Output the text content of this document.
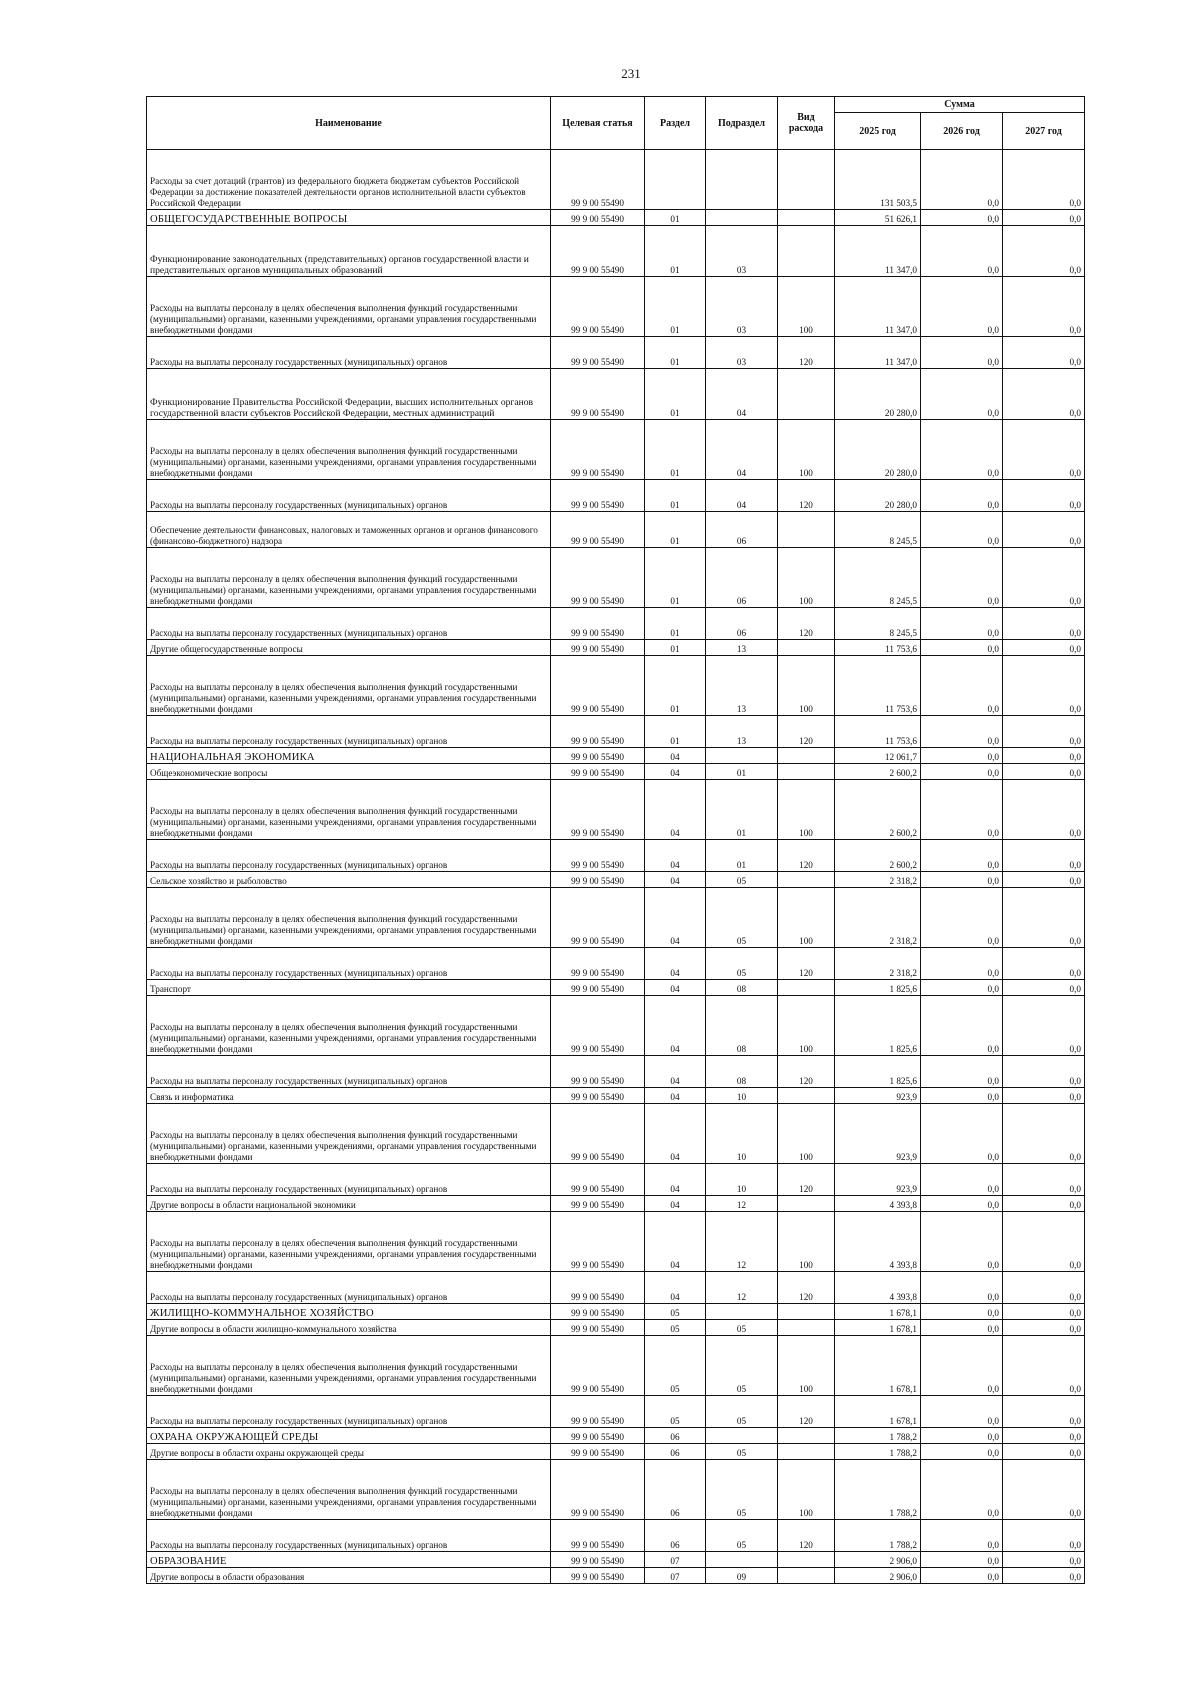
231
Наименование	Целевая статья	Раздел	Подраздел	Вид расхода	Сумма		
					2025 год	2026 год	2027 год
Расходы за счет дотаций (грантов) из федерального бюджета бюджетам субъектов Российской Федерации за достижение показателей деятельности органов исполнительной власти субъектов Российской Федерации	99 9 00 55490				131 503,5	0,0	0,0
ОБЩЕГОСУДАРСТВЕННЫЕ ВОПРОСЫ	99 9 00 55490	01			51 626,1	0,0	0,0
Функционирование законодательных (представительных) органов государственной власти и представительных органов муниципальных образований	99 9 00 55490	01	03		11 347,0	0,0	0,0
Расходы на выплаты персоналу в целях обеспечения выполнения функций государственными (муниципальными) органами, казенными учреждениями, органами управления государственными внебюджетными фондами	99 9 00 55490	01	03	100	11 347,0	0,0	0,0
Расходы на выплаты персоналу государственных (муниципальных) органов	99 9 00 55490	01	03	120	11 347,0	0,0	0,0
Функционирование Правительства Российской Федерации, высших исполнительных органов государственной власти субъектов Российской Федерации, местных администраций	99 9 00 55490	01	04		20 280,0	0,0	0,0
Расходы на выплаты персоналу в целях обеспечения выполнения функций государственными (муниципальными) органами, казенными учреждениями, органами управления государственными внебюджетными фондами	99 9 00 55490	01	04	100	20 280,0	0,0	0,0
Расходы на выплаты персоналу государственных (муниципальных) органов	99 9 00 55490	01	04	120	20 280,0	0,0	0,0
Обеспечение деятельности финансовых, налоговых и таможенных органов и органов финансового (финансово-бюджетного) надзора	99 9 00 55490	01	06		8 245,5	0,0	0,0
Расходы на выплаты персоналу в целях обеспечения выполнения функций государственными (муниципальными) органами, казенными учреждениями, органами управления государственными внебюджетными фондами	99 9 00 55490	01	06	100	8 245,5	0,0	0,0
Расходы на выплаты персоналу государственных (муниципальных) органов	99 9 00 55490	01	06	120	8 245,5	0,0	0,0
Другие общегосударственные вопросы	99 9 00 55490	01	13		11 753,6	0,0	0,0
Расходы на выплаты персоналу в целях обеспечения выполнения функций государственными (муниципальными) органами, казенными учреждениями, органами управления государственными внебюджетными фондами	99 9 00 55490	01	13	100	11 753,6	0,0	0,0
Расходы на выплаты персоналу государственных (муниципальных) органов	99 9 00 55490	01	13	120	11 753,6	0,0	0,0
НАЦИОНАЛЬНАЯ ЭКОНОМИКА	99 9 00 55490	04			12 061,7	0,0	0,0
Общеэкономические вопросы	99 9 00 55490	04	01		2 600,2	0,0	0,0
Расходы на выплаты персоналу в целях обеспечения выполнения функций государственными (муниципальными) органами, казенными учреждениями, органами управления государственными внебюджетными фондами	99 9 00 55490	04	01	100	2 600,2	0,0	0,0
Расходы на выплаты персоналу государственных (муниципальных) органов	99 9 00 55490	04	01	120	2 600,2	0,0	0,0
Сельское хозяйство и рыболовство	99 9 00 55490	04	05		2 318,2	0,0	0,0
Расходы на выплаты персоналу в целях обеспечения выполнения функций государственными (муниципальными) органами, казенными учреждениями, органами управления государственными внебюджетными фондами	99 9 00 55490	04	05	100	2 318,2	0,0	0,0
Расходы на выплаты персоналу государственных (муниципальных) органов	99 9 00 55490	04	05	120	2 318,2	0,0	0,0
Транспорт	99 9 00 55490	04	08		1 825,6	0,0	0,0
Расходы на выплаты персоналу в целях обеспечения выполнения функций государственными (муниципальными) органами, казенными учреждениями, органами управления государственными внебюджетными фондами	99 9 00 55490	04	08	100	1 825,6	0,0	0,0
Расходы на выплаты персоналу государственных (муниципальных) органов	99 9 00 55490	04	08	120	1 825,6	0,0	0,0
Связь и информатика	99 9 00 55490	04	10		923,9	0,0	0,0
Расходы на выплаты персоналу в целях обеспечения выполнения функций государственными (муниципальными) органами, казенными учреждениями, органами управления государственными внебюджетными фондами	99 9 00 55490	04	10	100	923,9	0,0	0,0
Расходы на выплаты персоналу государственных (муниципальных) органов	99 9 00 55490	04	10	120	923,9	0,0	0,0
Другие вопросы в области национальной экономики	99 9 00 55490	04	12		4 393,8	0,0	0,0
Расходы на выплаты персоналу в целях обеспечения выполнения функций государственными (муниципальными) органами, казенными учреждениями, органами управления государственными внебюджетными фондами	99 9 00 55490	04	12	100	4 393,8	0,0	0,0
Расходы на выплаты персоналу государственных (муниципальных) органов	99 9 00 55490	04	12	120	4 393,8	0,0	0,0
ЖИЛИЩНО-КОММУНАЛЬНОЕ ХОЗЯЙСТВО	99 9 00 55490	05			1 678,1	0,0	0,0
Другие вопросы в области жилищно-коммунального хозяйства	99 9 00 55490	05	05		1 678,1	0,0	0,0
Расходы на выплаты персоналу в целях обеспечения выполнения функций государственными (муниципальными) органами, казенными учреждениями, органами управления государственными внебюджетными фондами	99 9 00 55490	05	05	100	1 678,1	0,0	0,0
Расходы на выплаты персоналу государственных (муниципальных) органов	99 9 00 55490	05	05	120	1 678,1	0,0	0,0
ОХРАНА ОКРУЖАЮЩЕЙ СРЕДЫ	99 9 00 55490	06			1 788,2	0,0	0,0
Другие вопросы в области охраны окружающей среды	99 9 00 55490	06	05		1 788,2	0,0	0,0
Расходы на выплаты персоналу в целях обеспечения выполнения функций государственными (муниципальными) органами, казенными учреждениями, органами управления государственными внебюджетными фондами	99 9 00 55490	06	05	100	1 788,2	0,0	0,0
Расходы на выплаты персоналу государственных (муниципальных) органов	99 9 00 55490	06	05	120	1 788,2	0,0	0,0
ОБРАЗОВАНИЕ	99 9 00 55490	07			2 906,0	0,0	0,0
Другие вопросы в области образования	99 9 00 55490	07	09		2 906,0	0,0	0,0
